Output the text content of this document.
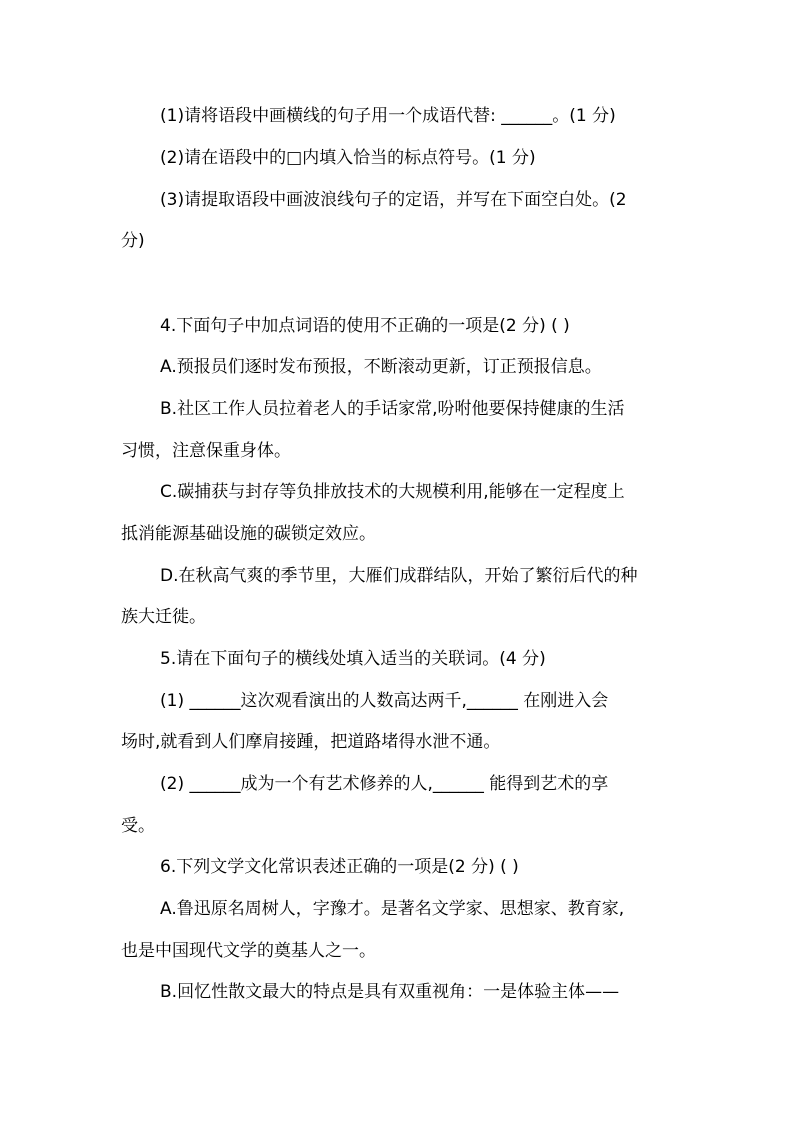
(1)请将语段中画横线的句子用一个成语代替: ______。(1 分)
(2)请在语段中的□内填入恰当的标点符号。(1 分)
(3)请提取语段中画波浪线句子的定语，并写在下面空白处。(2
分)
4.下面句子中加点词语的使用不正确的一项是(2 分) ( )
A.预报员们逐时发布预报，不断滚动更新，订正预报信息。
B.社区工作人员拉着老人的手话家常,吩咐他要保持健康的生活
习惯，注意保重身体。
C.碳捕获与封存等负排放技术的大规模利用,能够在一定程度上
抵消能源基础设施的碳锁定效应。
D.在秋高气爽的季节里，大雁们成群结队，开始了繁衍后代的种
族大迁徙。
5.请在下面句子的横线处填入适当的关联词。(4 分)
(1) ______这次观看演出的人数高达两千,______ 在刚进入会
场时,就看到人们摩肩接踵，把道路堵得水泄不通。
(2) ______成为一个有艺术修养的人,______ 能得到艺术的享
受。
6.下列文学文化常识表述正确的一项是(2 分) ( )
A.鲁迅原名周树人，字豫才。是著名文学家、思想家、教育家,
也是中国现代文学的奠基人之一。
B.回忆性散文最大的特点是具有双重视角：一是体验主体——
